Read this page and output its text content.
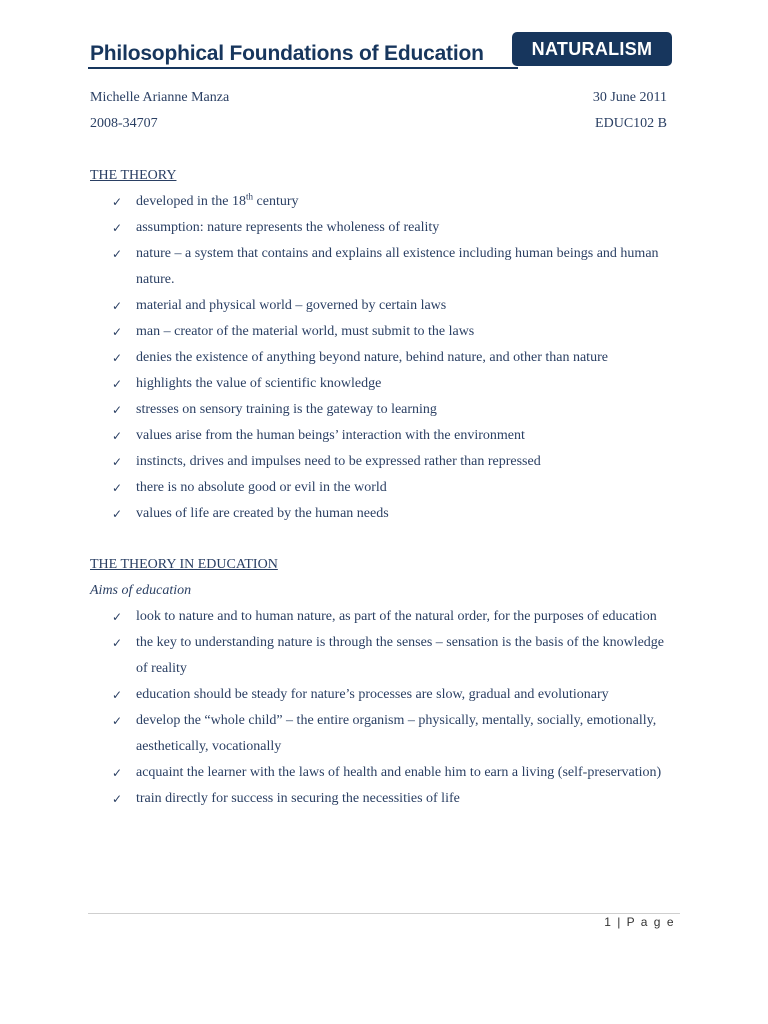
Philosophical Foundations of Education	NATURALISM
Michelle Arianne Manza	30 June 2011
2008-34707	EDUC102 B
THE THEORY
✓ developed in the 18th century
✓ assumption: nature represents the wholeness of reality
✓ nature – a system that contains and explains all existence including human beings and human nature.
✓ material and physical world – governed by certain laws
✓ man – creator of the material world, must submit to the laws
✓ denies the existence of anything beyond nature, behind nature, and other than nature
✓ highlights the value of scientific knowledge
✓ stresses on sensory training is the gateway to learning
✓ values arise from the human beings’ interaction with the environment
✓ instincts, drives and impulses need to be expressed rather than repressed
✓ there is no absolute good or evil in the world
✓ values of life are created by the human needs
THE THEORY IN EDUCATION
Aims of education
✓ look to nature and to human nature, as part of the natural order, for the purposes of education
✓ the key to understanding nature is through the senses – sensation is the basis of the knowledge of reality
✓ education should be steady for nature’s processes are slow, gradual and evolutionary
✓ develop the “whole child” – the entire organism – physically, mentally, socially, emotionally, aesthetically, vocationally
✓ acquaint the learner with the laws of health and enable him to earn a living (self-preservation)
✓ train directly for success in securing the necessities of life
1 | P a g e
